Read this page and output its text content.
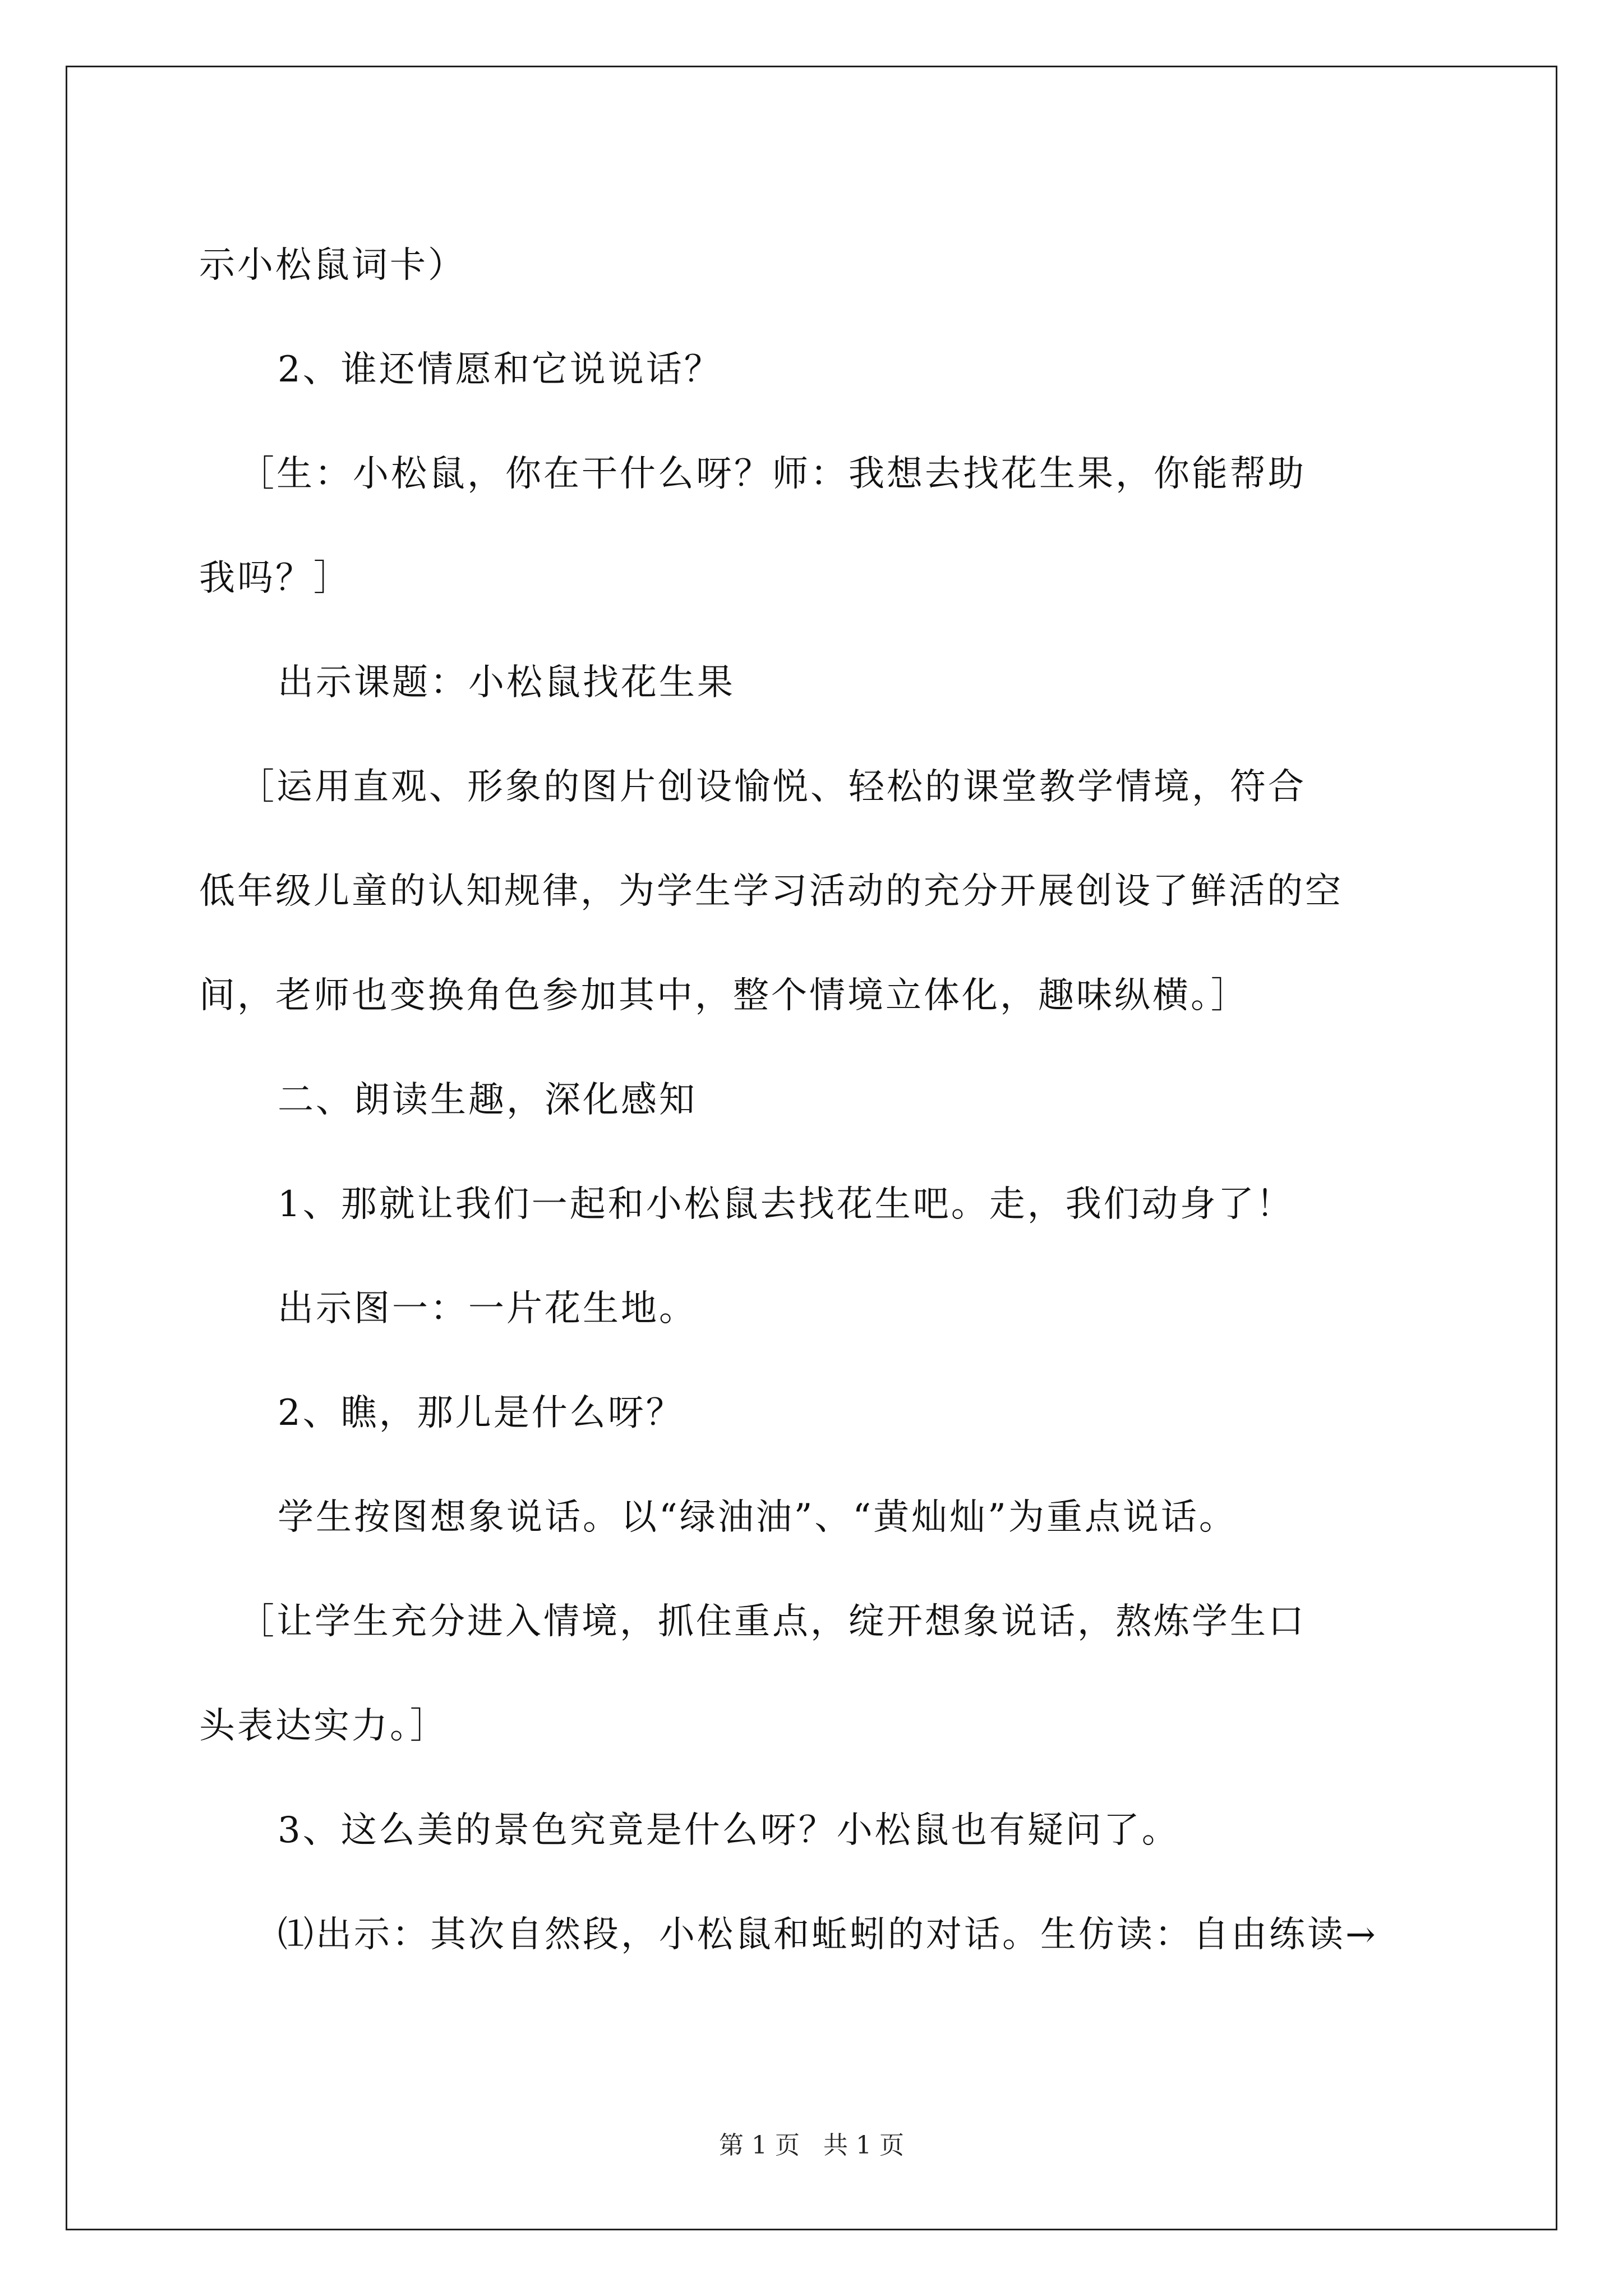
示小松鼠词卡）
2、谁还情愿和它说说话？
［生：小松鼠，你在干什么呀？师：我想去找花生果，你能帮助
我吗？］
出示课题：小松鼠找花生果
［运用直观、形象的图片创设愉悦、轻松的课堂教学情境，符合
低年级儿童的认知规律，为学生学习活动的充分开展创设了鲜活的空
间，老师也变换角色参加其中，整个情境立体化，趣味纵横。］
二、朗读生趣，深化感知
1、那就让我们一起和小松鼠去找花生吧。走，我们动身了！
出示图一：一片花生地。
2、瞧，那儿是什么呀？
学生按图想象说话。以“绿油油”、“黄灿灿”为重点说话。
［让学生充分进入情境，抓住重点，绽开想象说话，熬炼学生口
头表达实力。］
3、这么美的景色究竟是什么呀？小松鼠也有疑问了。
⑴出示：其次自然段，小松鼠和蚯蚓的对话。生仿读：自由练读→
第 1 页 共 1 页
